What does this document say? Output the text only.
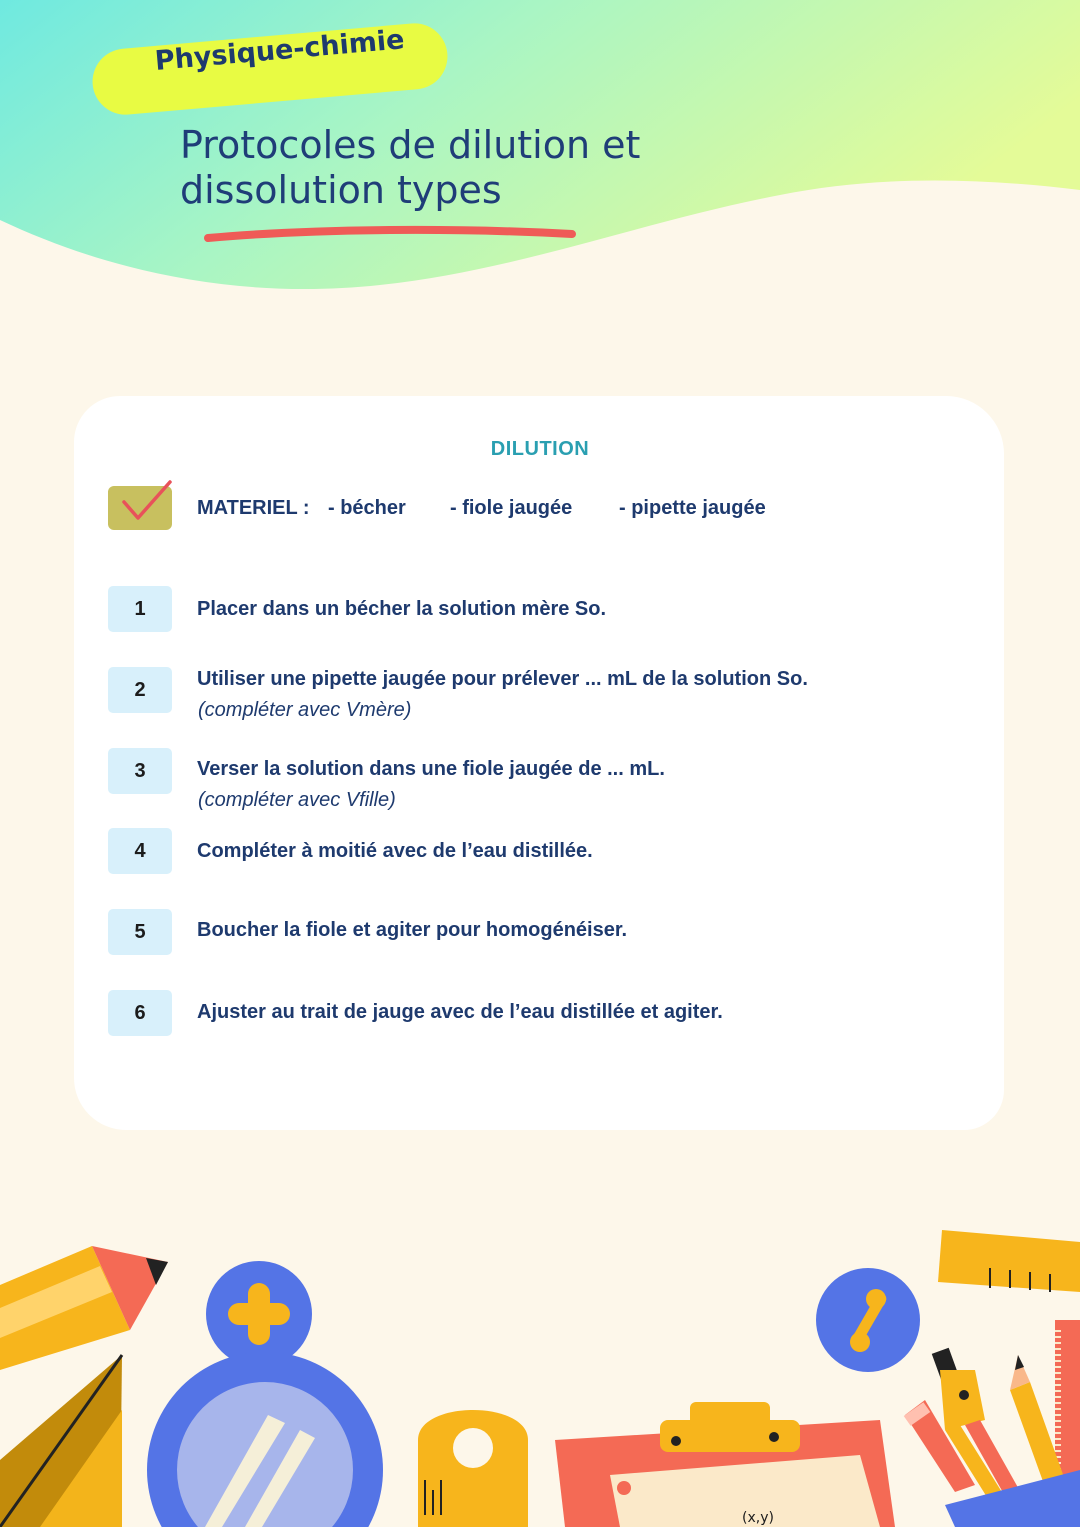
Physique-chimie
Protocoles de dilution et dissolution types
DILUTION
MATERIEL : - bécher - fiole jaugée - pipette jaugée
1	Placer dans un bécher la solution mère So.
2	Utiliser une pipette jaugée pour prélever ... mL de la solution So.
(compléter avec Vmère)
3	Verser la solution dans une fiole jaugée de ... mL.
(compléter avec Vfille)
4	Compléter à moitié avec de l’eau distillée.
5	Boucher la fiole et agiter pour homogénéiser.
6	Ajuster au trait de jauge avec de l’eau distillée et agiter.
(x,y)
